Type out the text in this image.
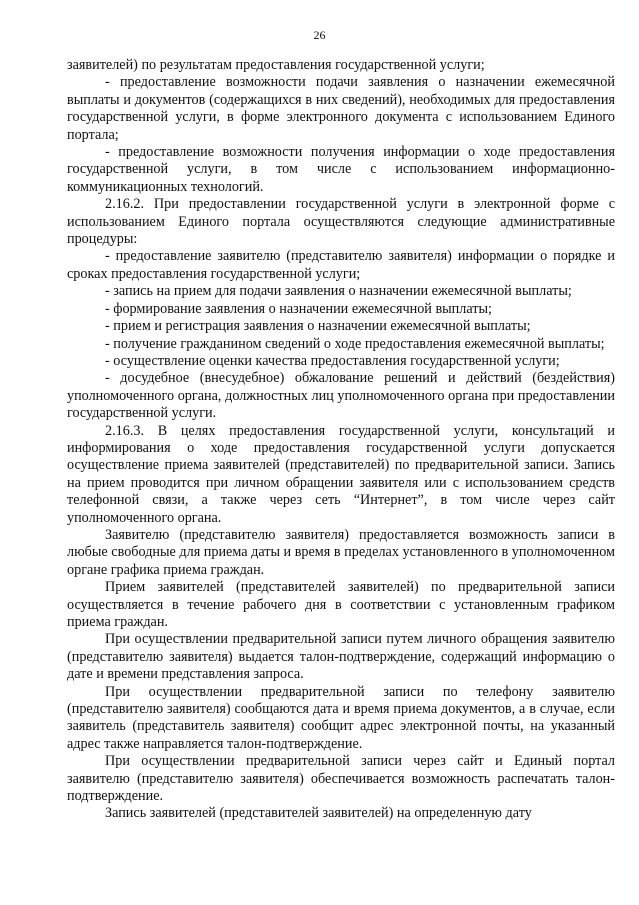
26

заявителей) по результатам предоставления государственной услуги;

- предоставление возможности подачи заявления о назначении ежемесячной выплаты и документов (содержащихся в них сведений), необходимых для предоставления государственной услуги, в форме электронного документа с использованием Единого портала;

- предоставление возможности получения информации о ходе предоставления государственной услуги, в том числе с использованием информационно-коммуникационных технологий.

2.16.2. При предоставлении государственной услуги в электронной форме с использованием Единого портала осуществляются следующие административные процедуры:

- предоставление заявителю (представителю заявителя) информации о порядке и сроках предоставления государственной услуги;

- запись на прием для подачи заявления о назначении ежемесячной выплаты;

- формирование заявления о назначении ежемесячной выплаты;

- прием и регистрация заявления о назначении ежемесячной выплаты;

- получение гражданином сведений о ходе предоставления ежемесячной выплаты;

- осуществление оценки качества предоставления государственной услуги;

- досудебное (внесудебное) обжалование решений и действий (бездействия) уполномоченного органа, должностных лиц уполномоченного органа при предоставлении государственной услуги.

2.16.3. В целях предоставления государственной услуги, консультаций и информирования о ходе предоставления государственной услуги допускается осуществление приема заявителей (представителей) по предварительной записи. Запись на прием проводится при личном обращении заявителя или с использованием средств телефонной связи, а также через сеть “Интернет”, в том числе через сайт уполномоченного органа.

Заявителю (представителю заявителя) предоставляется возможность записи в любые свободные для приема даты и время в пределах установленного в уполномоченном органе графика приема граждан.

Прием заявителей (представителей заявителей) по предварительной записи осуществляется в течение рабочего дня в соответствии с установленным графиком приема граждан.

При осуществлении предварительной записи путем личного обращения заявителю (представителю заявителя) выдается талон-подтверждение, содержащий информацию о дате и времени представления запроса.

При осуществлении предварительной записи по телефону заявителю (представителю заявителя) сообщаются дата и время приема документов, а в случае, если заявитель (представитель заявителя) сообщит адрес электронной почты, на указанный адрес также направляется талон-подтверждение.

При осуществлении предварительной записи через сайт и Единый портал заявителю (представителю заявителя) обеспечивается возможность распечатать талон-подтверждение.

Запись заявителей (представителей заявителей) на определенную дату
